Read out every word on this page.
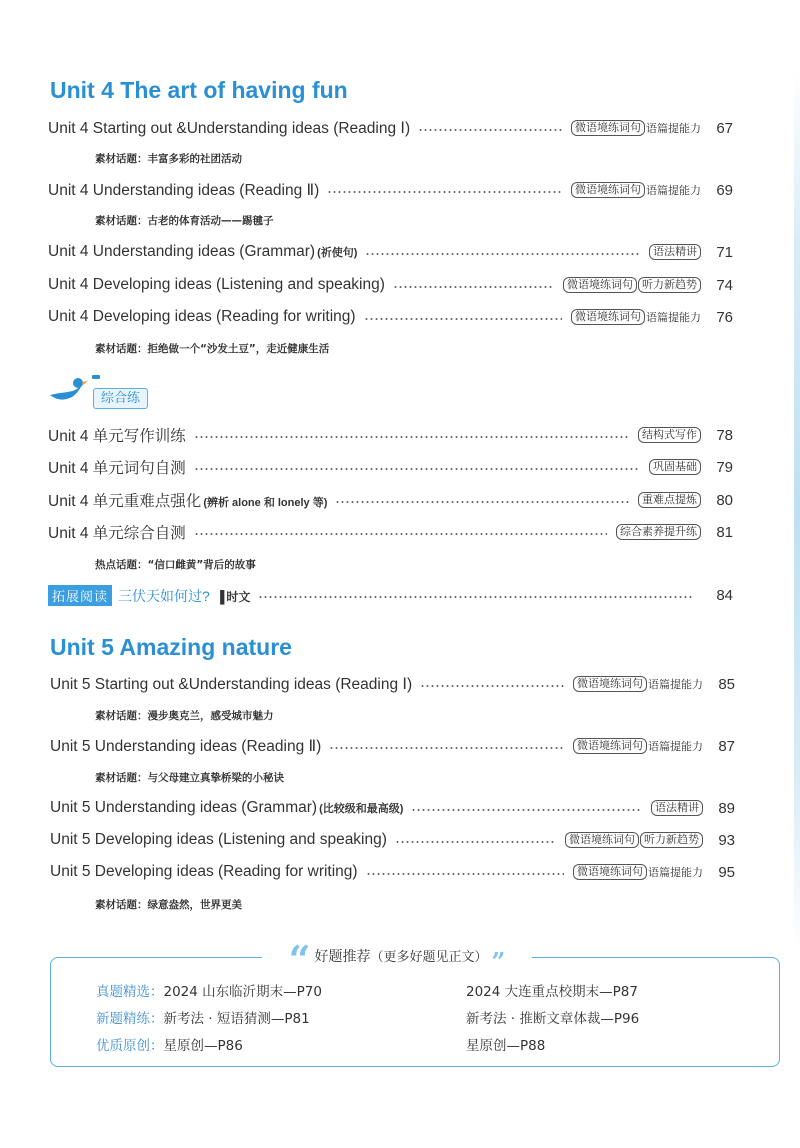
Unit 4 The art of having fun
Unit 4 Starting out &Understanding ideas (Reading Ⅰ)	微语境练词句 语篇提能力	67
素材话题：丰富多彩的社团活动
Unit 4 Understanding ideas (Reading Ⅱ)	微语境练词句 语篇提能力	69
素材话题：古老的体育活动——踢毽子
Unit 4 Understanding ideas (Grammar) (祈使句)	语法精讲	71
Unit 4 Developing ideas (Listening and speaking)	微语境练词句 听力新趋势	74
Unit 4 Developing ideas (Reading for writing)	微语境练词句 语篇提能力	76
素材话题：拒绝做一个“沙发土豆”，走近健康生活
综合练
Unit 4 单元写作训练	结构式写作	78
Unit 4 单元词句自测	巩固基础	79
Unit 4 单元重难点强化 (辨析 alone 和 lonely 等)	重难点提炼	80
Unit 4 单元综合自测	综合素养提升练	81
热点话题：“信口雌黄”背后的故事
拓展阅读 三伏天如何过? ▐ 时文	84
Unit 5 Amazing nature
Unit 5 Starting out &Understanding ideas (Reading Ⅰ)	微语境练词句 语篇提能力	85
素材话题：漫步奥克兰，感受城市魅力
Unit 5 Understanding ideas (Reading Ⅱ)	微语境练词句 语篇提能力	87
素材话题：与父母建立真挚桥梁的小秘诀
Unit 5 Understanding ideas (Grammar) (比较级和最高级)	语法精讲	89
Unit 5 Developing ideas (Listening and speaking)	微语境练词句 听力新趋势	93
Unit 5 Developing ideas (Reading for writing)	微语境练词句 语篇提能力	95
素材话题：绿意盎然，世界更美
“ 好题推荐（更多好题见正文） ”
真题精选：2024 山东临沂期末—P70	2024 大连重点校期末—P87
新题精练：新考法 · 短语猜测—P81	新考法 · 推断文章体裁—P96
优质原创：星原创—P86	星原创—P88
